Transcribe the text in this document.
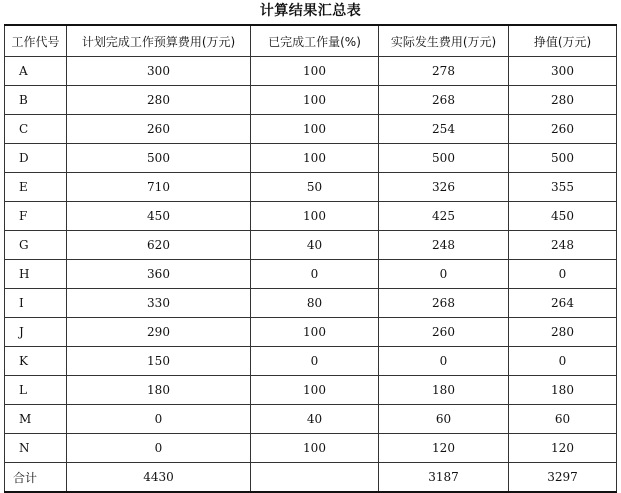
计算结果汇总表
工作代号	计划完成工作预算费用(万元)	已完成工作量(%)	实际发生费用(万元)	挣值(万元)
A	300	100	278	300
B	280	100	268	280
C	260	100	254	260
D	500	100	500	500
E	710	50	326	355
F	450	100	425	450
G	620	40	248	248
H	360	0	0	0
I	330	80	268	264
J	290	100	260	280
K	150	0	0	0
L	180	100	180	180
M	0	40	60	60
N	0	100	120	120
合计	4430		3187	3297
